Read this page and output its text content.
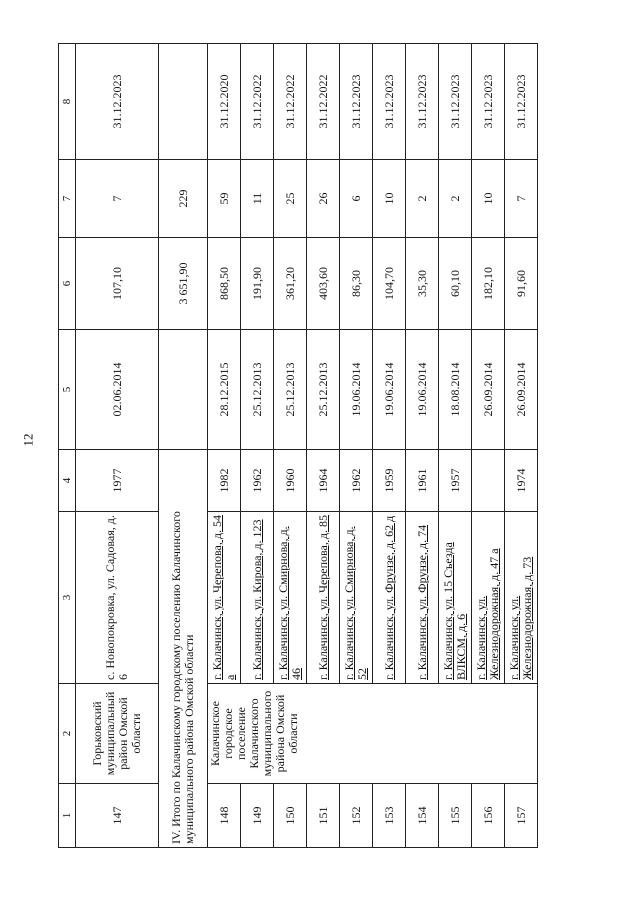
12
1	2	3	4	5	6	7	8
147	Горьковский муниципальный район Омской области	с. Новопокровка, ул. Садовая, д. 6	1977	02.06.2014	107,10	7	31.12.2023
IV. Итого по Калачинскому городскому поселению Калачинского муниципального района Омской области					3 651,90	229	
148	Калачинское городское поселение Калачинского муниципального района Омской области	г. Калачинск, ул. Черепова, д. 54 а	1982	28.12.2015	868,50	59	31.12.2020
149		г. Калачинск, ул. Кирова, д. 123	1962	25.12.2013	191,90	11	31.12.2022
150		г. Калачинск, ул. Смирнова, д. 46	1960	25.12.2013	361,20	25	31.12.2022
151		г. Калачинск, ул. Черепова, д. 85	1964	25.12.2013	403,60	26	31.12.2022
152		г. Калачинск, ул. Смирнова, д. 52	1962	19.06.2014	86,30	6	31.12.2023
153		г. Калачинск, ул. Фрунзе, д. 62 д	1959	19.06.2014	104,70	10	31.12.2023
154		г. Калачинск, ул. Фрунзе, д. 74	1961	19.06.2014	35,30	2	31.12.2023
155		г. Калачинск, ул. 15 Съезда ВЛКСМ, д. 6	1957	18.08.2014	60,10	2	31.12.2023
156		г. Калачинск, ул. Железнодорожная, д. 47 а		26.09.2014	182,10	10	31.12.2023
157		г. Калачинск, ул. Железнодорожная, д. 73	1974	26.09.2014	91,60	7	31.12.2023
